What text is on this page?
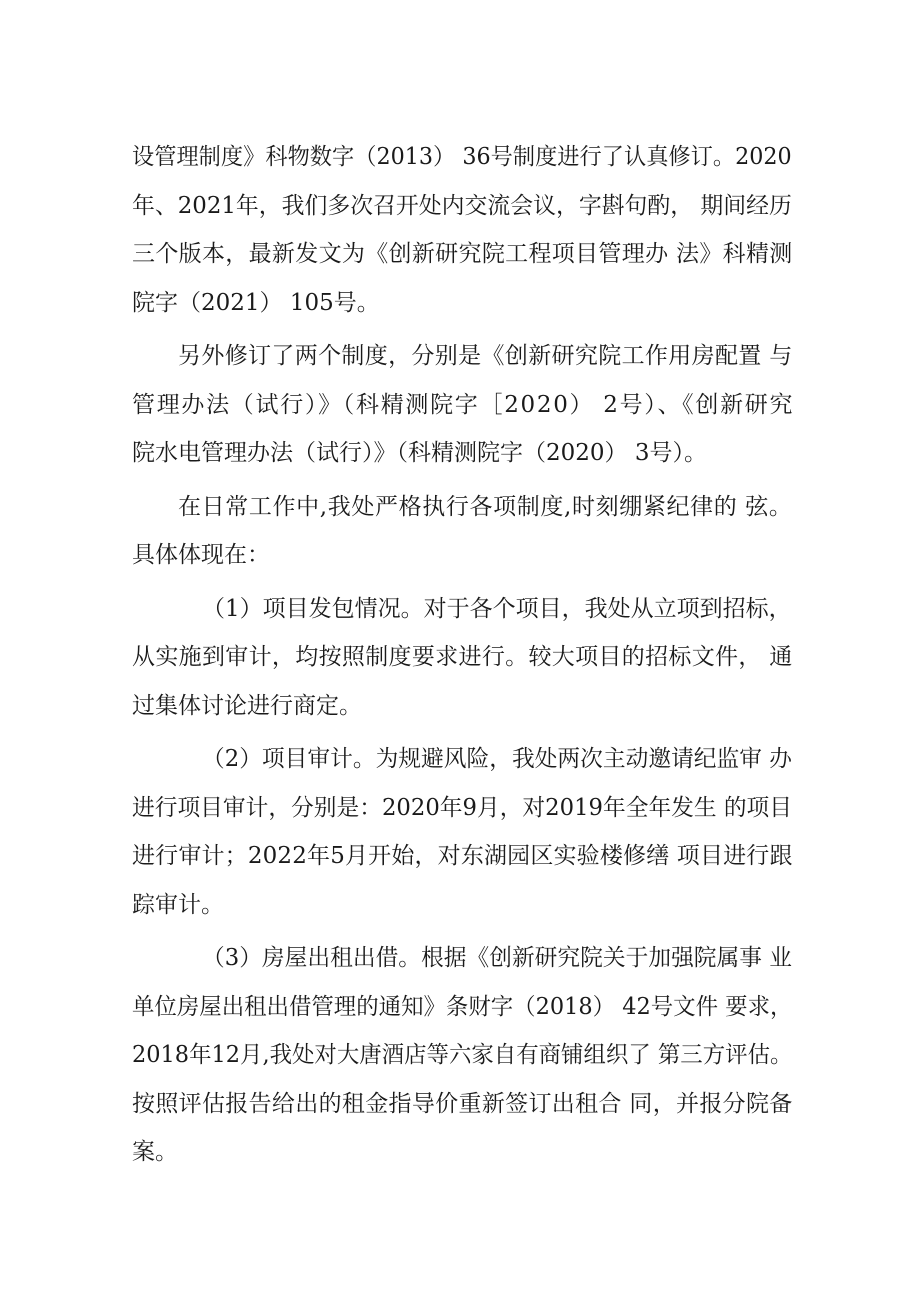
设管理制度》科物数字（2013） 36号制度进行了认真修订。2020
年、2021年，我们多次召开处内交流会议，字斟句酌， 期间经历
三个版本，最新发文为《创新研究院工程项目管理办 法》科精测
院字（2021） 105号。
另外修订了两个制度，分别是《创新研究院工作用房配置 与
管理办法（试行）》（科精测院字［2020） 2号）、《创新研究
院水电管理办法（试行）》（科精测院字（2020） 3号）。
在日常工作中,我处严格执行各项制度,时刻绷紧纪律的 弦。
具体体现在：
（1）项目发包情况。对于各个项目，我处从立项到招标，
从实施到审计，均按照制度要求进行。较大项目的招标文件， 通
过集体讨论进行商定。
（2）项目审计。为规避风险，我处两次主动邀请纪监审 办
进行项目审计，分别是：2020年9月，对2019年全年发生 的项目
进行审计；2022年5月开始，对东湖园区实验楼修缮 项目进行跟
踪审计。
（3）房屋出租出借。根据《创新研究院关于加强院属事 业
单位房屋出租出借管理的通知》条财字（2018） 42号文件 要求，
2018年12月,我处对大唐酒店等六家自有商铺组织了 第三方评估。
按照评估报告给出的租金指导价重新签订出租合 同，并报分院备
案。
